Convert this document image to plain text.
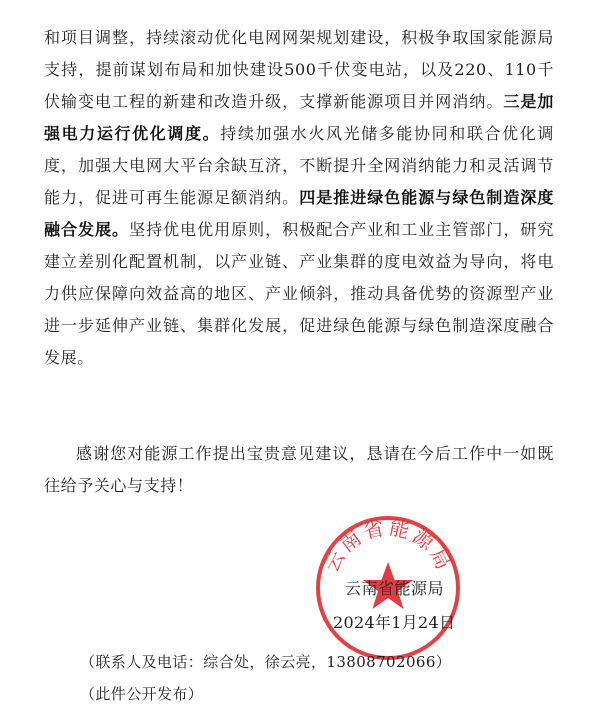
和项目调整，持续滚动优化电网网架规划建设，积极争取国家能源局支持，提前谋划布局和加快建设500千伏变电站，以及220、110千伏输变电工程的新建和改造升级，支撑新能源项目并网消纳。三是加强电力运行优化调度。持续加强水火风光储多能协同和联合优化调度，加强大电网大平台余缺互济，不断提升全网消纳能力和灵活调节能力，促进可再生能源足额消纳。四是推进绿色能源与绿色制造深度融合发展。坚持优电优用原则，积极配合产业和工业主管部门，研究建立差别化配置机制，以产业链、产业集群的度电效益为导向，将电力供应保障向效益高的地区、产业倾斜，推动具备优势的资源型产业进一步延伸产业链、集群化发展，促进绿色能源与绿色制造深度融合发展。

感谢您对能源工作提出宝贵意见建议，恳请在今后工作中一如既往给予关心与支持！
云南省能源局
云南省能源局
2024年1月24日
（联系人及电话：综合处，徐云亮，13808702066）
（此件公开发布）
